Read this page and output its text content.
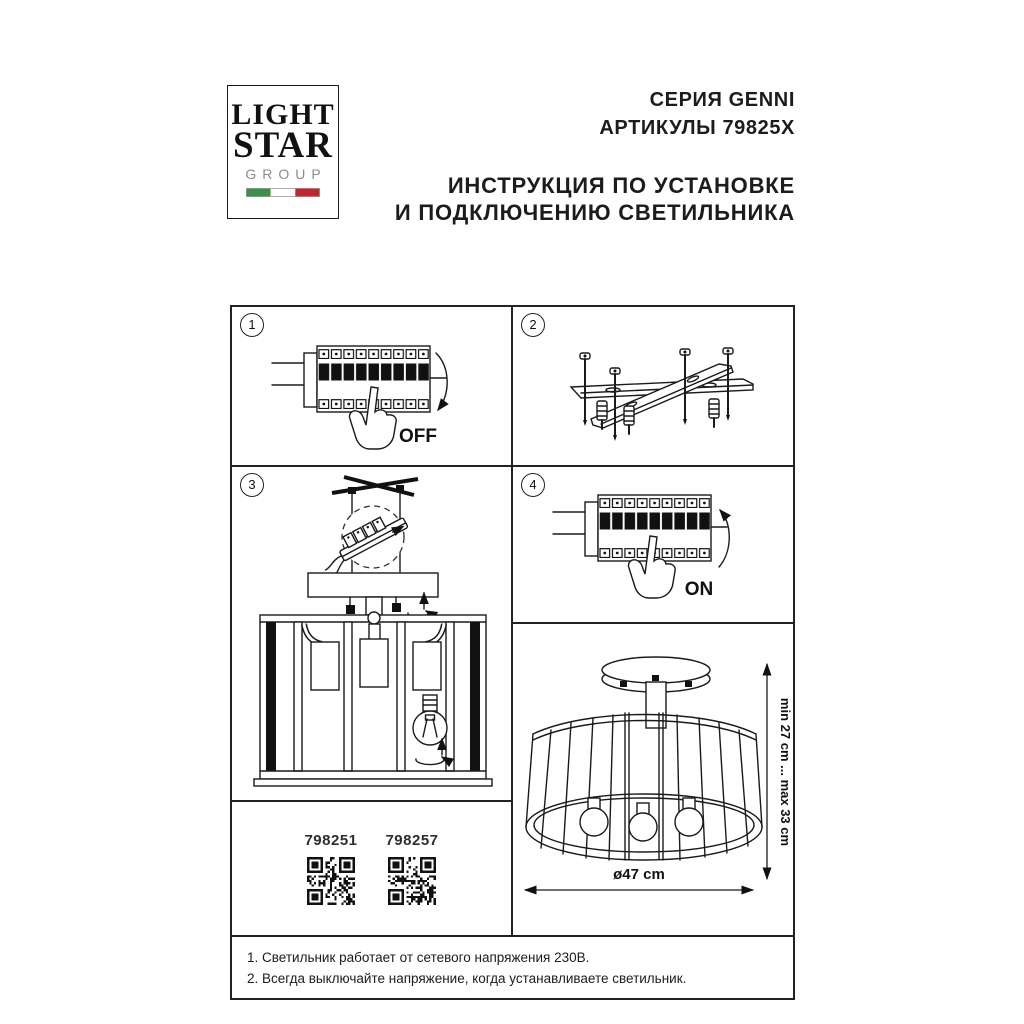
LIGHT
STAR
GROUP
СЕРИЯ GENNI
АРТИКУЛЫ 79825X
ИНСТРУКЦИЯ ПО УСТАНОВКЕ
И ПОДКЛЮЧЕНИЮ СВЕТИЛЬНИКА
1
OFF
2
3	4
ON
min 27 cm ... max 33 cm
ø47 cm
798251 798257
1. Светильник работает от сетевого напряжения 230В.
2. Всегда выключайте напряжение, когда устанавливаете светильник.
